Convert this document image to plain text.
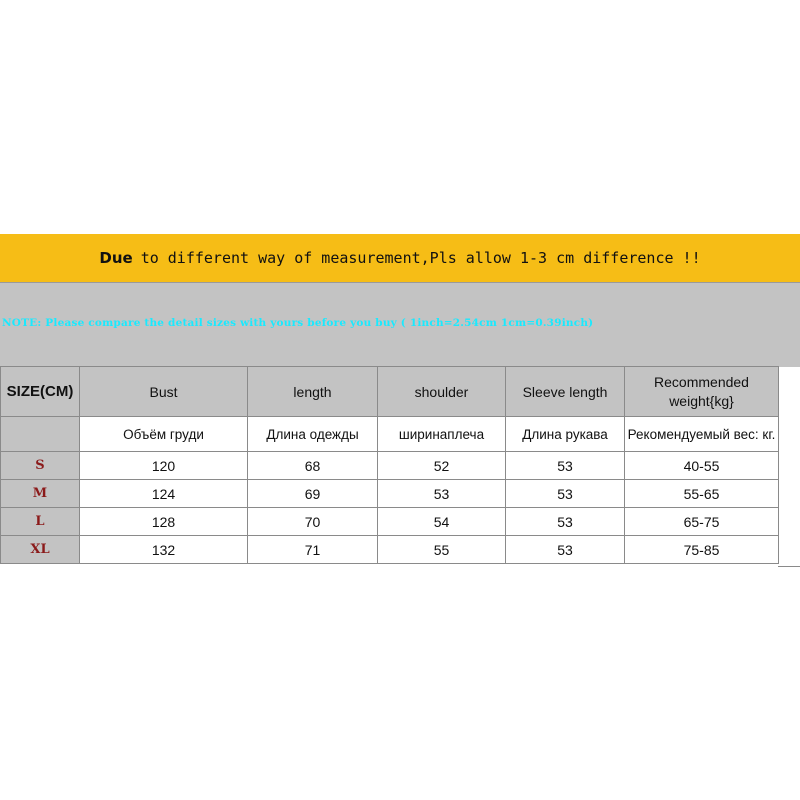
Due to different way of measurement,Pls allow 1-3 cm difference !!
NOTE: Please compare the detail sizes with yours before you buy ( 1inch=2.54cm 1cm=0.39inch)
SIZE(CM)	Bust	length	shoulder	Sleeve length	Recommended weight{kg}
	Объём груди	Длина одежды	ширинаплеча	Длина рукава	Рекомендуемый вес: кг.
S	120	68	52	53	40-55
M	124	69	53	53	55-65
L	128	70	54	53	65-75
XL	132	71	55	53	75-85
